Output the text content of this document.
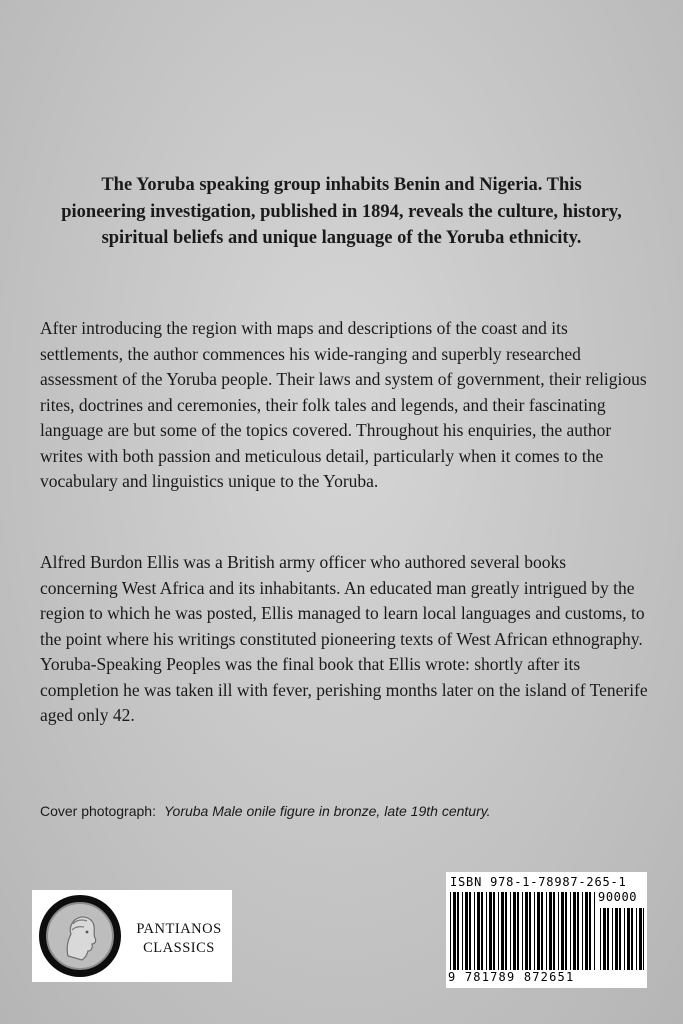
The Yoruba speaking group inhabits Benin and Nigeria. This pioneering investigation, published in 1894, reveals the culture, history, spiritual beliefs and unique language of the Yoruba ethnicity.
After introducing the region with maps and descriptions of the coast and its settlements, the author commences his wide-ranging and superbly researched assessment of the Yoruba people. Their laws and system of government, their religious rites, doctrines and ceremonies, their folk tales and legends, and their fascinating language are but some of the topics covered. Throughout his enquiries, the author writes with both passion and meticulous detail, particularly when it comes to the vocabulary and linguistics unique to the Yoruba.
Alfred Burdon Ellis was a British army officer who authored several books concerning West Africa and its inhabitants. An educated man greatly intrigued by the region to which he was posted, Ellis managed to learn local languages and customs, to the point where his writings constituted pioneering texts of West African ethnography. Yoruba-Speaking Peoples was the final book that Ellis wrote: shortly after its completion he was taken ill with fever, perishing months later on the island of Tenerife aged only 42.
Cover photograph: Yoruba Male onile figure in bronze, late 19th century.
PANTIANOS
CLASSICS
ISBN 978-1-78987-265-1
90000
9 781789 872651
